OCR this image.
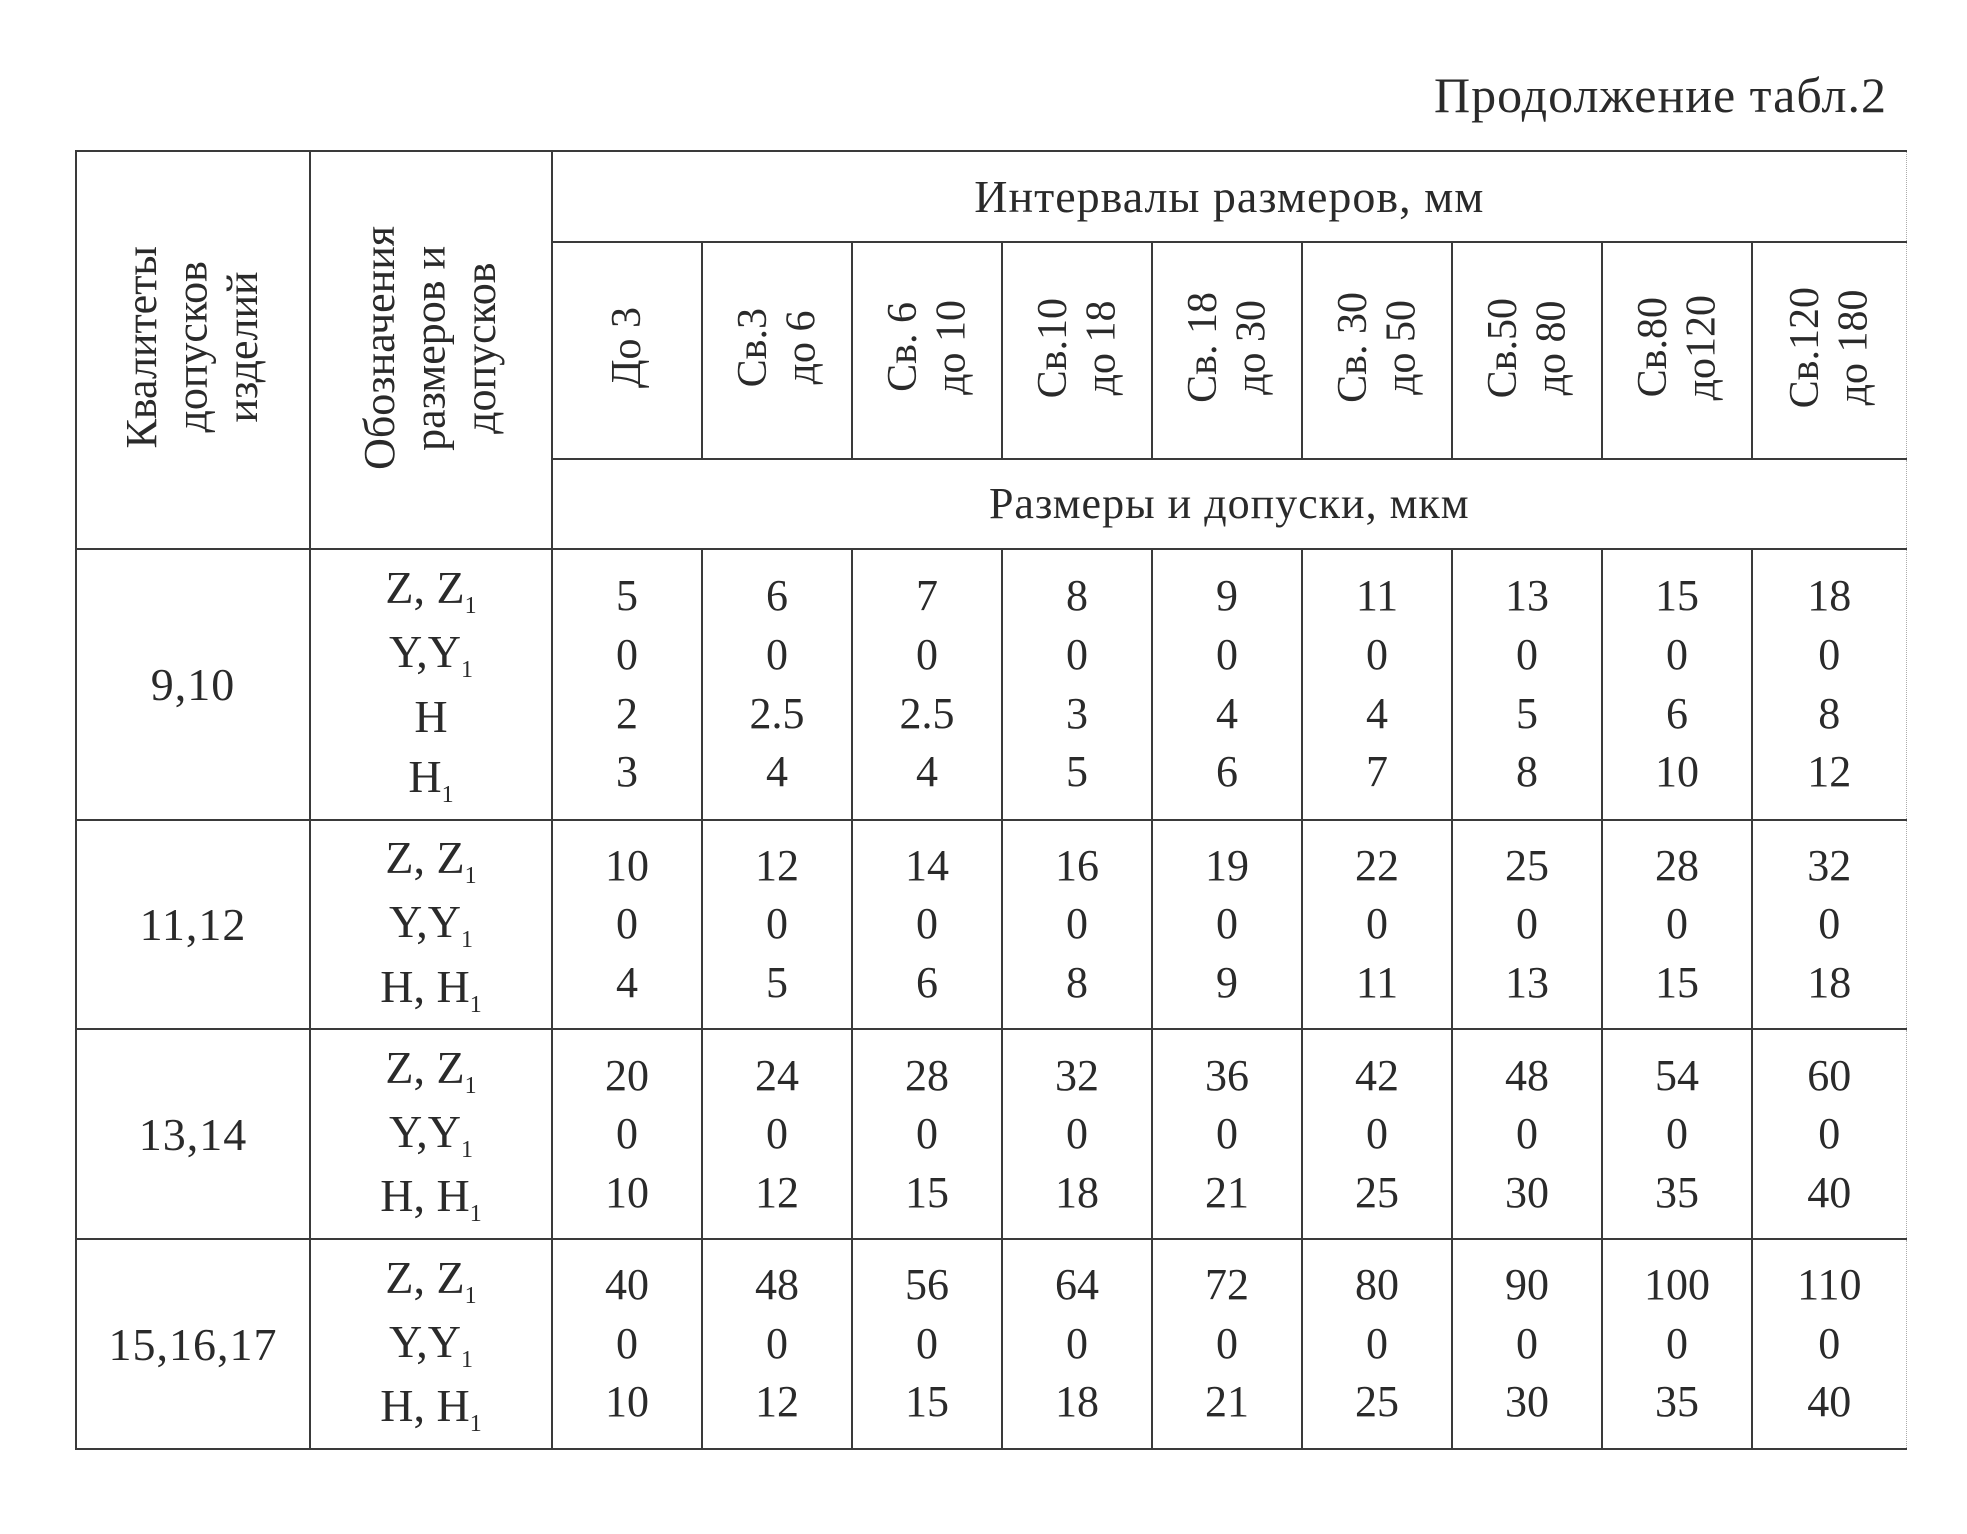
Продолжение табл.2
Квалитеты
допусков
изделий	Обозначения
размеров и
допусков	Интервалы размеров, мм								
		До 3	Св.3
до 6	Св. 6
до 10	Св.10
до 18	Св. 18
до 30	Св. 30
до 50	Св.50
до 80	Св.80
до120	Св.120
до 180
		Размеры и допуски, мкм								
9,10	Z, $Z_1$
$Y,Y_1$
H
$H_1$	5
0
2
3	6
0
2.5
4	7
0
2.5
4	8
0
3
5	9
0
4
6	11
0
4
7	13
0
5
8	15
0
6
10	18
0
8
12

11,12	Z, $Z_1$
$Y,Y_1$
H, $H_1$	10
0
4	12
0
5	14
0
6	16
0
8	19
0
9	22
0
11	25
0
13	28
0
15	32
0
18

13,14	Z, $Z_1$
$Y,Y_1$
H, $H_1$	20
0
10	24
0
12	28
0
15	32
0
18	36
0
21	42
0
25	48
0
30	54
0
35	60
0
40

15,16,17	Z, $Z_1$
$Y,Y_1$
H, $H_1$	40
0
10	48
0
12	56
0
15	64
0
18	72
0
21	80
0
25	90
0
30	100
0
35	110
0
40
